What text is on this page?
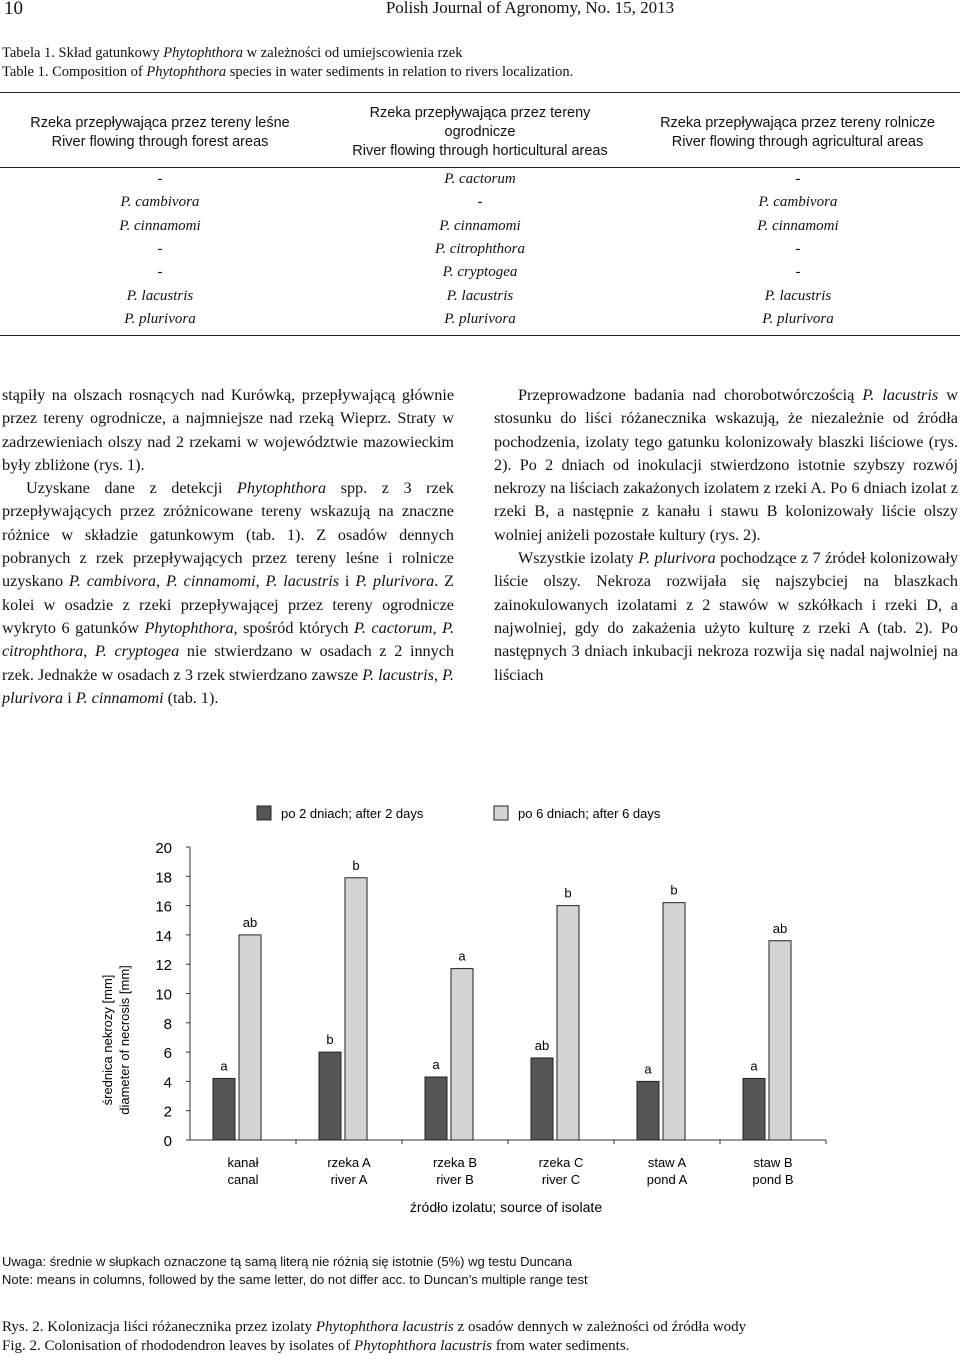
10	Polish Journal of Agronomy, No. 15, 2013
Tabela 1. Skład gatunkowy Phytophthora w zależności od umiejscowienia rzek
Table 1. Composition of Phytophthora species in water sediments in relation to rivers localization.
Rzeka przepływająca przez tereny leśne
River flowing through forest areas
Rzeka przepływająca przez tereny ogrodnicze
River flowing through horticultural areas
Rzeka przepływająca przez tereny rolnicze
River flowing through agricultural areas
-	P. cactorum	-
P. cambivora	-	P. cambivora
P. cinnamomi	P. cinnamomi	P. cinnamomi
-	P. citrophthora	-
-	P. cryptogea	-
P. lacustris	P. lacustris	P. lacustris
P. plurivora	P. plurivora	P. plurivora

stąpiły na olszach rosnących nad Kurówką, przepływającą głównie przez tereny ogrodnicze, a najmniejsze nad rzeką Wieprz. Straty w zadrzewieniach olszy nad 2 rzekami w województwie mazowieckim były zbliżone (rys. 1).

Uzyskane dane z detekcji Phytophthora spp. z 3 rzek przepływających przez zróżnicowane tereny wskazują na znaczne różnice w składzie gatunkowym (tab. 1). Z osadów dennych pobranych z rzek przepływających przez tereny leśne i rolnicze uzyskano P. cambivora, P. cinnamomi, P. lacustris i P. plurivora. Z kolei w osadzie z rzeki przepływającej przez tereny ogrodnicze wykryto 6 gatunków Phytophthora, spośród których P. cactorum, P. citrophthora, P. cryptogea nie stwierdzano w osadach z 2 innych rzek. Jednakże w osadach z 3 rzek stwierdzano zawsze P. lacustris, P. plurivora i P. cinnamomi (tab. 1).

Przeprowadzone badania nad chorobotwórczością P. lacustris w stosunku do liści różanecznika wskazują, że niezależnie od źródła pochodzenia, izolaty tego gatunku kolonizowały blaszki liściowe (rys. 2). Po 2 dniach od inokulacji stwierdzono istotnie szybszy rozwój nekrozy na liściach zakażonych izolatem z rzeki A. Po 6 dniach izolat z rzeki B, a następnie z kanału i stawu B kolonizowały liście olszy wolniej aniżeli pozostałe kultury (rys. 2).

Wszystkie izolaty P. plurivora pochodzące z 7 źródeł kolonizowały liście olszy. Nekroza rozwijała się najszybciej na blaszkach zainokulowanych izolatami z 2 stawów w szkółkach i rzeki D, a najwolniej, gdy do zakażenia użyto kulturę z rzeki A (tab. 2). Po następnych 3 dniach inkubacji nekroza rozwija się nadal najwolniej na liściach

po 2 dniach; after 2 days	po 6 dniach; after 6 days
średnica nekrozy [mm] diameter of necrosis [mm]
0
2
4
6
8
10
12
14
16
18
20
a
ab
kanał
canal
b
b
rzeka A
river A
a
a
rzeka B
river B
ab
b
rzeka C
river C
a
b
staw A
pond A
a
ab
staw B
pond B
źródło izolatu; source of isolate
Uwaga: średnie w słupkach oznaczone tą samą literą nie różnią się istotnie (5%) wg testu Duncana
Note: means in columns, followed by the same letter, do not differ acc. to Duncan’s multiple range test
Rys. 2. Kolonizacja liści różanecznika przez izolaty Phytophthora lacustris z osadów dennych w zależności od źródła wody
Fig. 2. Colonisation of rhododendron leaves by isolates of Phytophthora lacustris from water sediments.
